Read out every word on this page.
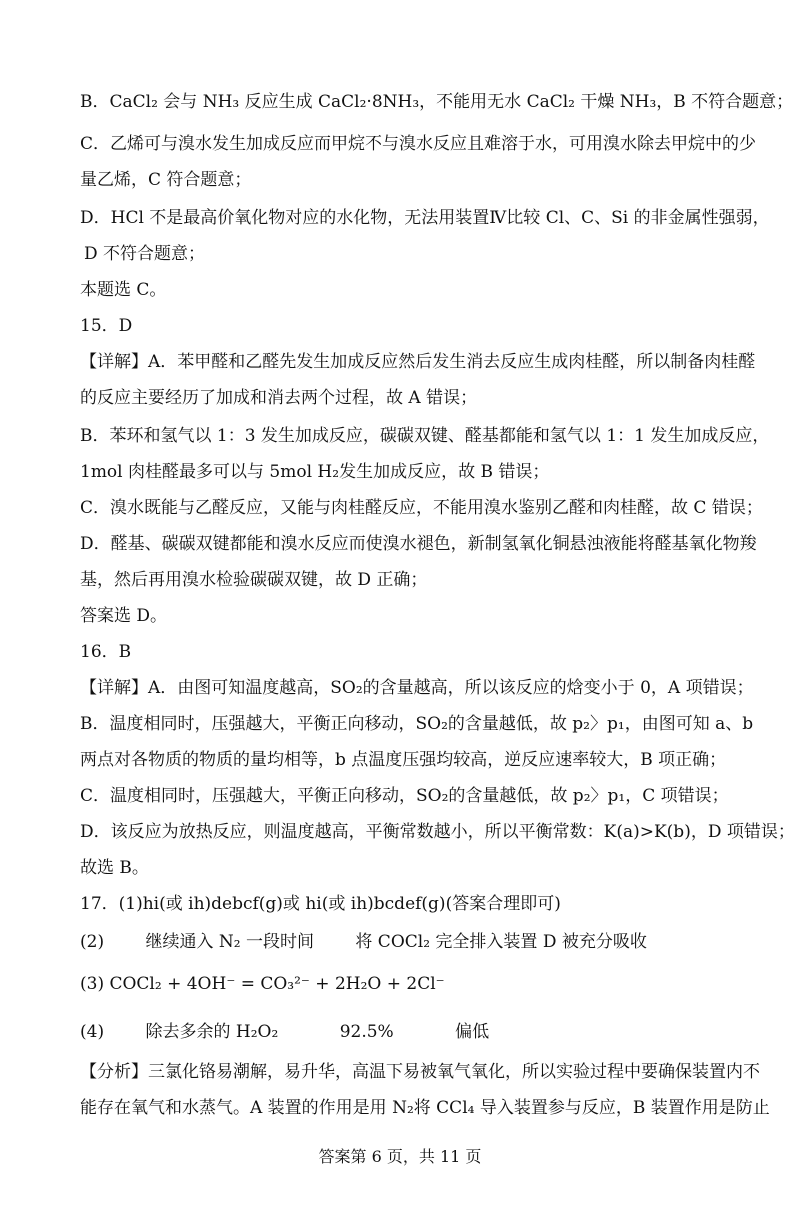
B．CaCl₂ 会与 NH₃ 反应生成 CaCl₂·8NH₃，不能用无水 CaCl₂ 干燥 NH₃，B 不符合题意；
C．乙烯可与溴水发生加成反应而甲烷不与溴水反应且难溶于水，可用溴水除去甲烷中的少
量乙烯，C 符合题意；
D．HCl 不是最高价氧化物对应的水化物，无法用装置Ⅳ比较 Cl、C、Si 的非金属性强弱，
D 不符合题意；
本题选 C。
15．D
【详解】A．苯甲醛和乙醛先发生加成反应然后发生消去反应生成肉桂醛，所以制备肉桂醛
的反应主要经历了加成和消去两个过程，故 A 错误；
B．苯环和氢气以 1：3 发生加成反应，碳碳双键、醛基都能和氢气以 1：1 发生加成反应，
1mol 肉桂醛最多可以与 5mol H₂发生加成反应，故 B 错误；
C．溴水既能与乙醛反应，又能与肉桂醛反应，不能用溴水鉴别乙醛和肉桂醛，故 C 错误；
D．醛基、碳碳双键都能和溴水反应而使溴水褪色，新制氢氧化铜悬浊液能将醛基氧化物羧
基，然后再用溴水检验碳碳双键，故 D 正确；
答案选 D。
16．B
【详解】A．由图可知温度越高，SO₂的含量越高，所以该反应的焓变小于 0，A 项错误；
B．温度相同时，压强越大，平衡正向移动，SO₂的含量越低，故 p₂〉p₁，由图可知 a、b
两点对各物质的物质的量均相等，b 点温度压强均较高，逆反应速率较大，B 项正确；
C．温度相同时，压强越大，平衡正向移动，SO₂的含量越低，故 p₂〉p₁，C 项错误；
D．该反应为放热反应，则温度越高，平衡常数越小，所以平衡常数：K(a)>K(b)，D 项错误；
故选 B。
17．(1)hi(或 ih)debcf(g)或 hi(或 ih)bcdef(g)(答案合理即可)
(2) 继续通入 N₂ 一段时间 将 COCl₂ 完全排入装置 D 被充分吸收
(3) COCl₂ + 4OH⁻ = CO₃²⁻ + 2H₂O + 2Cl⁻
(4) 除去多余的 H₂O₂	92.5%	偏低
【分析】三氯化铬易潮解，易升华，高温下易被氧气氧化，所以实验过程中要确保装置内不
能存在氧气和水蒸气。A 装置的作用是用 N₂将 CCl₄ 导入装置参与反应，B 装置作用是防止
答案第 6 页，共 11 页
